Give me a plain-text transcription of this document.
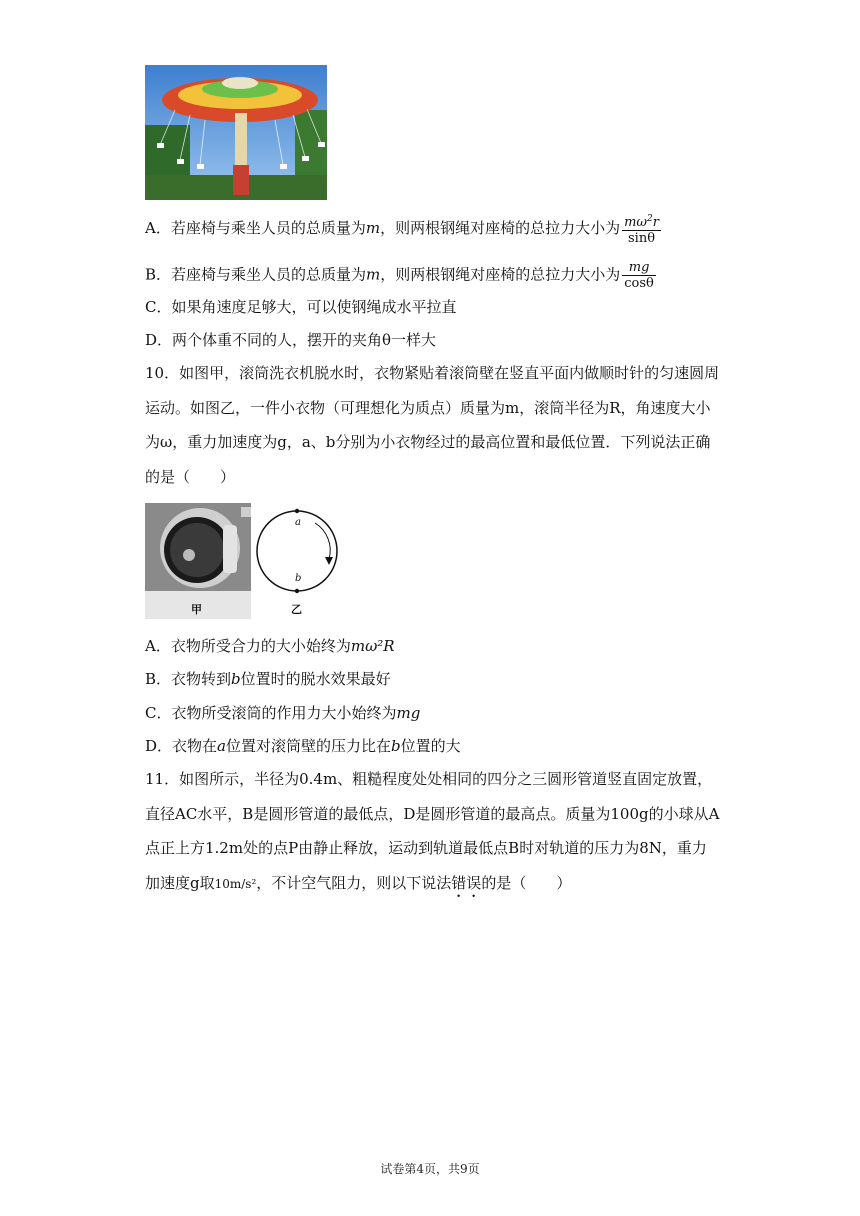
A．若座椅与乘坐人员的总质量为m，则两根钢绳对座椅的总拉力大小为 $\frac{m\omega^2r}{\sin\theta}$
B．若座椅与乘坐人员的总质量为m，则两根钢绳对座椅的总拉力大小为 $\frac{mg}{\cos\theta}$
C．如果角速度足够大，可以使钢绳成水平拉直
D．两个体重不同的人，摆开的夹角θ一样大
10．如图甲，滚筒洗衣机脱水时，衣物紧贴着滚筒壁在竖直平面内做顺时针的匀速圆周运动。如图乙，一件小衣物（可理想化为质点）质量为m，滚筒半径为R，角速度大小为ω，重力加速度为g，a、b分别为小衣物经过的最高位置和最低位置．下列说法正确的是（　　）
a
b
甲	乙
A．衣物所受合力的大小始终为mω²R
B．衣物转到b位置时的脱水效果最好
C．衣物所受滚筒的作用力大小始终为mg
D．衣物在a位置对滚筒壁的压力比在b位置的大
11．如图所示，半径为0.4m、粗糙程度处处相同的四分之三圆形管道竖直固定放置，直径AC水平，B是圆形管道的最低点，D是圆形管道的最高点。质量为100g的小球从A点正上方1.2m处的点P由静止释放，运动到轨道最低点B时对轨道的压力为8N，重力加速度g取10m/s²，不计空气阻力，则以下说法错误的是（　　）
试卷第4页，共9页
